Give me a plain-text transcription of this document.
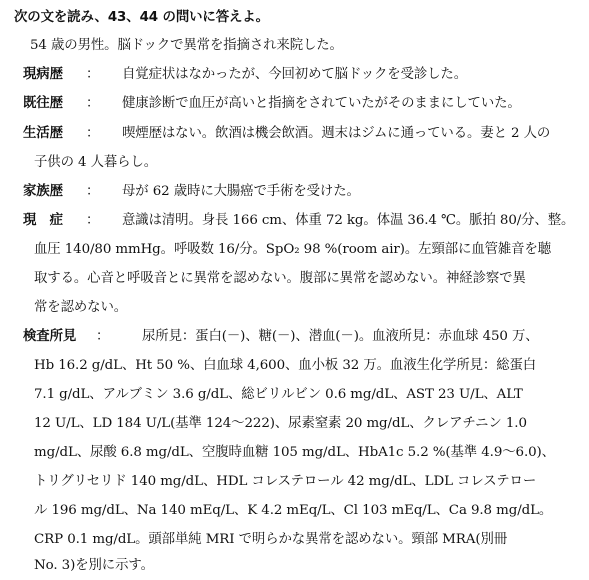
次の文を読み、43、44 の問いに答えよ。
54 歳の男性。脳ドックで異常を指摘され来院した。
現病歴 ： 自覚症状はなかったが、今回初めて脳ドックを受診した。
既往歴 ： 健康診断で血圧が高いと指摘をされていたがそのままにしていた。
生活歴 ： 喫煙歴はない。飲酒は機会飲酒。週末はジムに通っている。妻と 2 人の
子供の 4 人暮らし。
家族歴 ： 母が 62 歳時に大腸癌で手術を受けた。
現　症 ： 意識は清明。身長 166 cm、体重 72 kg。体温 36.4 ℃。脈拍 80/分、整。
血圧 140/80 mmHg。呼吸数 16/分。SpO₂ 98 %(room air)。左頸部に血管雑音を聴
取する。心音と呼吸音とに異常を認めない。腹部に異常を認めない。神経診察で異
常を認めない。
検査所見 ： 尿所見：蛋白(－)、糖(－)、潜血(－)。血液所見：赤血球 450 万、
Hb 16.2 g/dL、Ht 50 %、白血球 4,600、血小板 32 万。血液生化学所見：総蛋白
7.1 g/dL、アルブミン 3.6 g/dL、総ビリルビン 0.6 mg/dL、AST 23 U/L、ALT
12 U/L、LD 184 U/L(基準 124～222)、尿素窒素 20 mg/dL、クレアチニン 1.0
mg/dL、尿酸 6.8 mg/dL、空腹時血糖 105 mg/dL、HbA1c 5.2 %(基準 4.9～6.0)、
トリグリセリド 140 mg/dL、HDL コレステロール 42 mg/dL、LDL コレステロー
ル 196 mg/dL、Na 140 mEq/L、K 4.2 mEq/L、Cl 103 mEq/L、Ca 9.8 mg/dL。
CRP 0.1 mg/dL。頭部単純 MRI で明らかな異常を認めない。頸部 MRA(別冊
No. 3)を別に示す。
